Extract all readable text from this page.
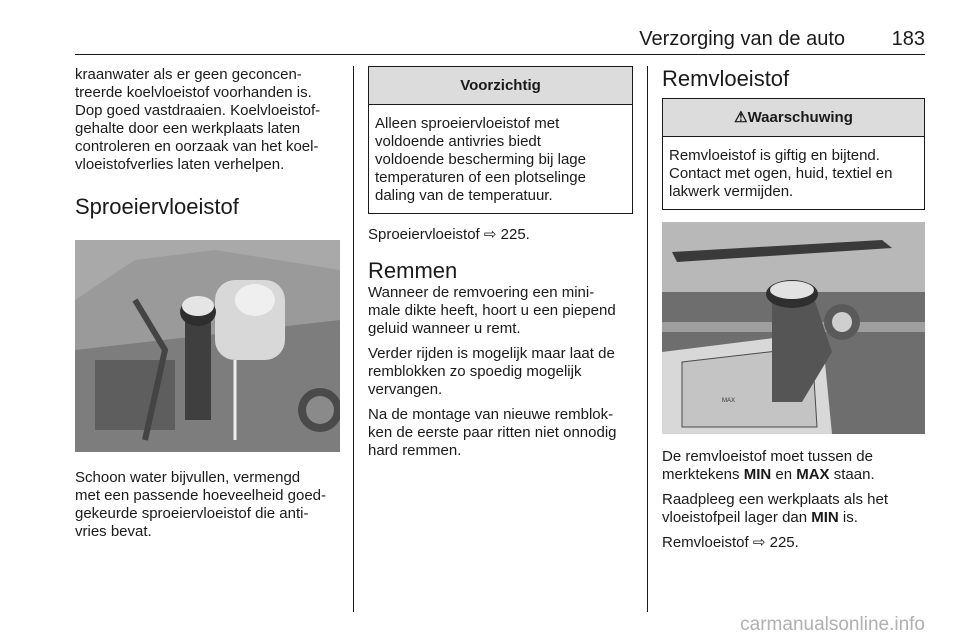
Verzorging van de auto 183

kraanwater als er geen geconcen-
treerde koelvloeistof voorhanden is.
Dop goed vastdraaien. Koelvloeistof-
gehalte door een werkplaats laten
controleren en oorzaak van het koel-
vloeistofverlies laten verhelpen.

Sproeiervloeistof

Schoon water bijvullen, vermengd
met een passende hoeveelheid goed-
gekeurde sproeiervloeistof die anti-
vries bevat.

Voorzichtig
Alleen sproeiervloeistof met
voldoende antivries biedt
voldoende bescherming bij lage
temperaturen of een plotselinge
daling van de temperatuur.

Sproeiervloeistof ⇨ 225.

Remmen

Wanneer de remvoering een mini-
male dikte heeft, hoort u een piepend
geluid wanneer u remt.

Verder rijden is mogelijk maar laat de
remblokken zo spoedig mogelijk
vervangen.

Na de montage van nieuwe remblok-
ken de eerste paar ritten niet onnodig
hard remmen.

Remvloeistof
⚠Waarschuwing
Remvloeistof is giftig en bijtend.
Contact met ogen, huid, textiel en
lakwerk vermijden.
MAX

De remvloeistof moet tussen de
merktekens MIN en MAX staan.

Raadpleeg een werkplaats als het
vloeistofpeil lager dan MIN is.

Remvloeistof ⇨ 225.

carmanualsonline.info
